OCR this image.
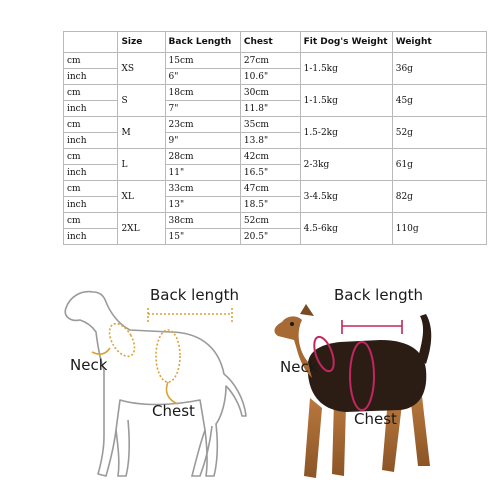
	Size	Back Length	Chest	Fit Dog's Weight	Weight
cm	XS	15cm	27cm	1-1.5kg	36g
inch		6"	10.6"		
cm	S	18cm	30cm	1-1.5kg	45g
inch		7"	11.8"		
cm	M	23cm	35cm	1.5-2kg	52g
inch		9"	13.8"		
cm	L	28cm	42cm	2-3kg	61g
inch		11"	16.5"		
cm	XL	33cm	47cm	3-4.5kg	82g
inch		13"	18.5"		
cm	2XL	38cm	52cm	4.5-6kg	110g
inch		15"	20.5"		
Back length
Neck
Chest
Back length
Neck
Chest
